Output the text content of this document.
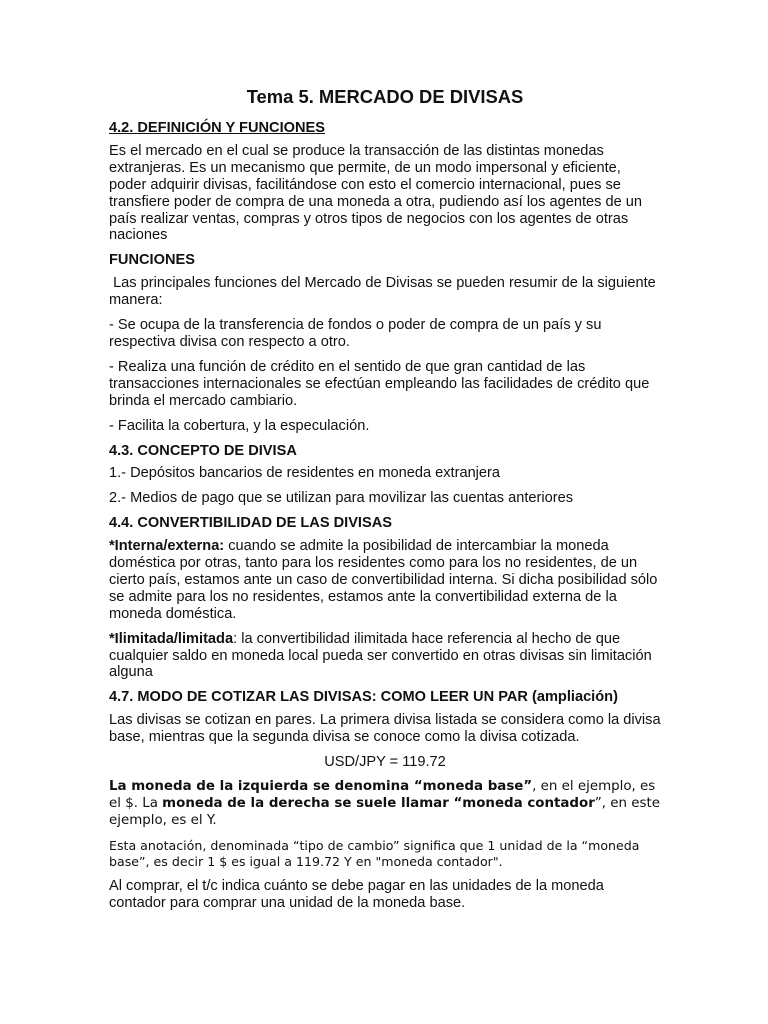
Tema 5. MERCADO DE DIVISAS
4.2. DEFINICIÓN Y FUNCIONES

Es el mercado en el cual se produce la transacción de las distintas monedas extranjeras. Es un mecanismo que permite, de un modo impersonal y eficiente, poder adquirir divisas, facilitándose con esto el comercio internacional, pues se transfiere poder de compra de una moneda a otra, pudiendo así los agentes de un país realizar ventas, compras y otros tipos de negocios con los agentes de otras naciones

FUNCIONES

Las principales funciones del Mercado de Divisas se pueden resumir de la siguiente manera:

- Se ocupa de la transferencia de fondos o poder de compra de un país y su respectiva divisa con respecto a otro.

- Realiza una función de crédito en el sentido de que gran cantidad de las transacciones internacionales se efectúan empleando las facilidades de crédito que brinda el mercado cambiario.

- Facilita la cobertura, y la especulación.

4.3. CONCEPTO DE DIVISA

1.- Depósitos bancarios de residentes en moneda extranjera

2.- Medios de pago que se utilizan para movilizar las cuentas anteriores

4.4. CONVERTIBILIDAD DE LAS DIVISAS

*Interna/externa: cuando se admite la posibilidad de intercambiar la moneda doméstica por otras, tanto para los residentes como para los no residentes, de un cierto país, estamos ante un caso de convertibilidad interna. Si dicha posibilidad sólo se admite para los no residentes, estamos ante la convertibilidad externa de la moneda doméstica.

*Ilimitada/limitada: la convertibilidad ilimitada hace referencia al hecho de que cualquier saldo en moneda local pueda ser convertido en otras divisas sin limitación alguna

4.7. MODO DE COTIZAR LAS DIVISAS: COMO LEER UN PAR (ampliación)

Las divisas se cotizan en pares. La primera divisa listada se considera como la divisa base, mientras que la segunda divisa se conoce como la divisa cotizada.

USD/JPY = 119.72

La moneda de la izquierda se denomina “moneda base”, en el ejemplo, es el $. La moneda de la derecha se suele llamar “moneda contador”, en este ejemplo, es el Y.

Esta anotación, denominada “tipo de cambio” significa que 1 unidad de la “moneda base”, es decir 1 $ es igual a 119.72 Y en "moneda contador".

Al comprar, el t/c indica cuánto se debe pagar en las unidades de la moneda contador para comprar una unidad de la moneda base.
